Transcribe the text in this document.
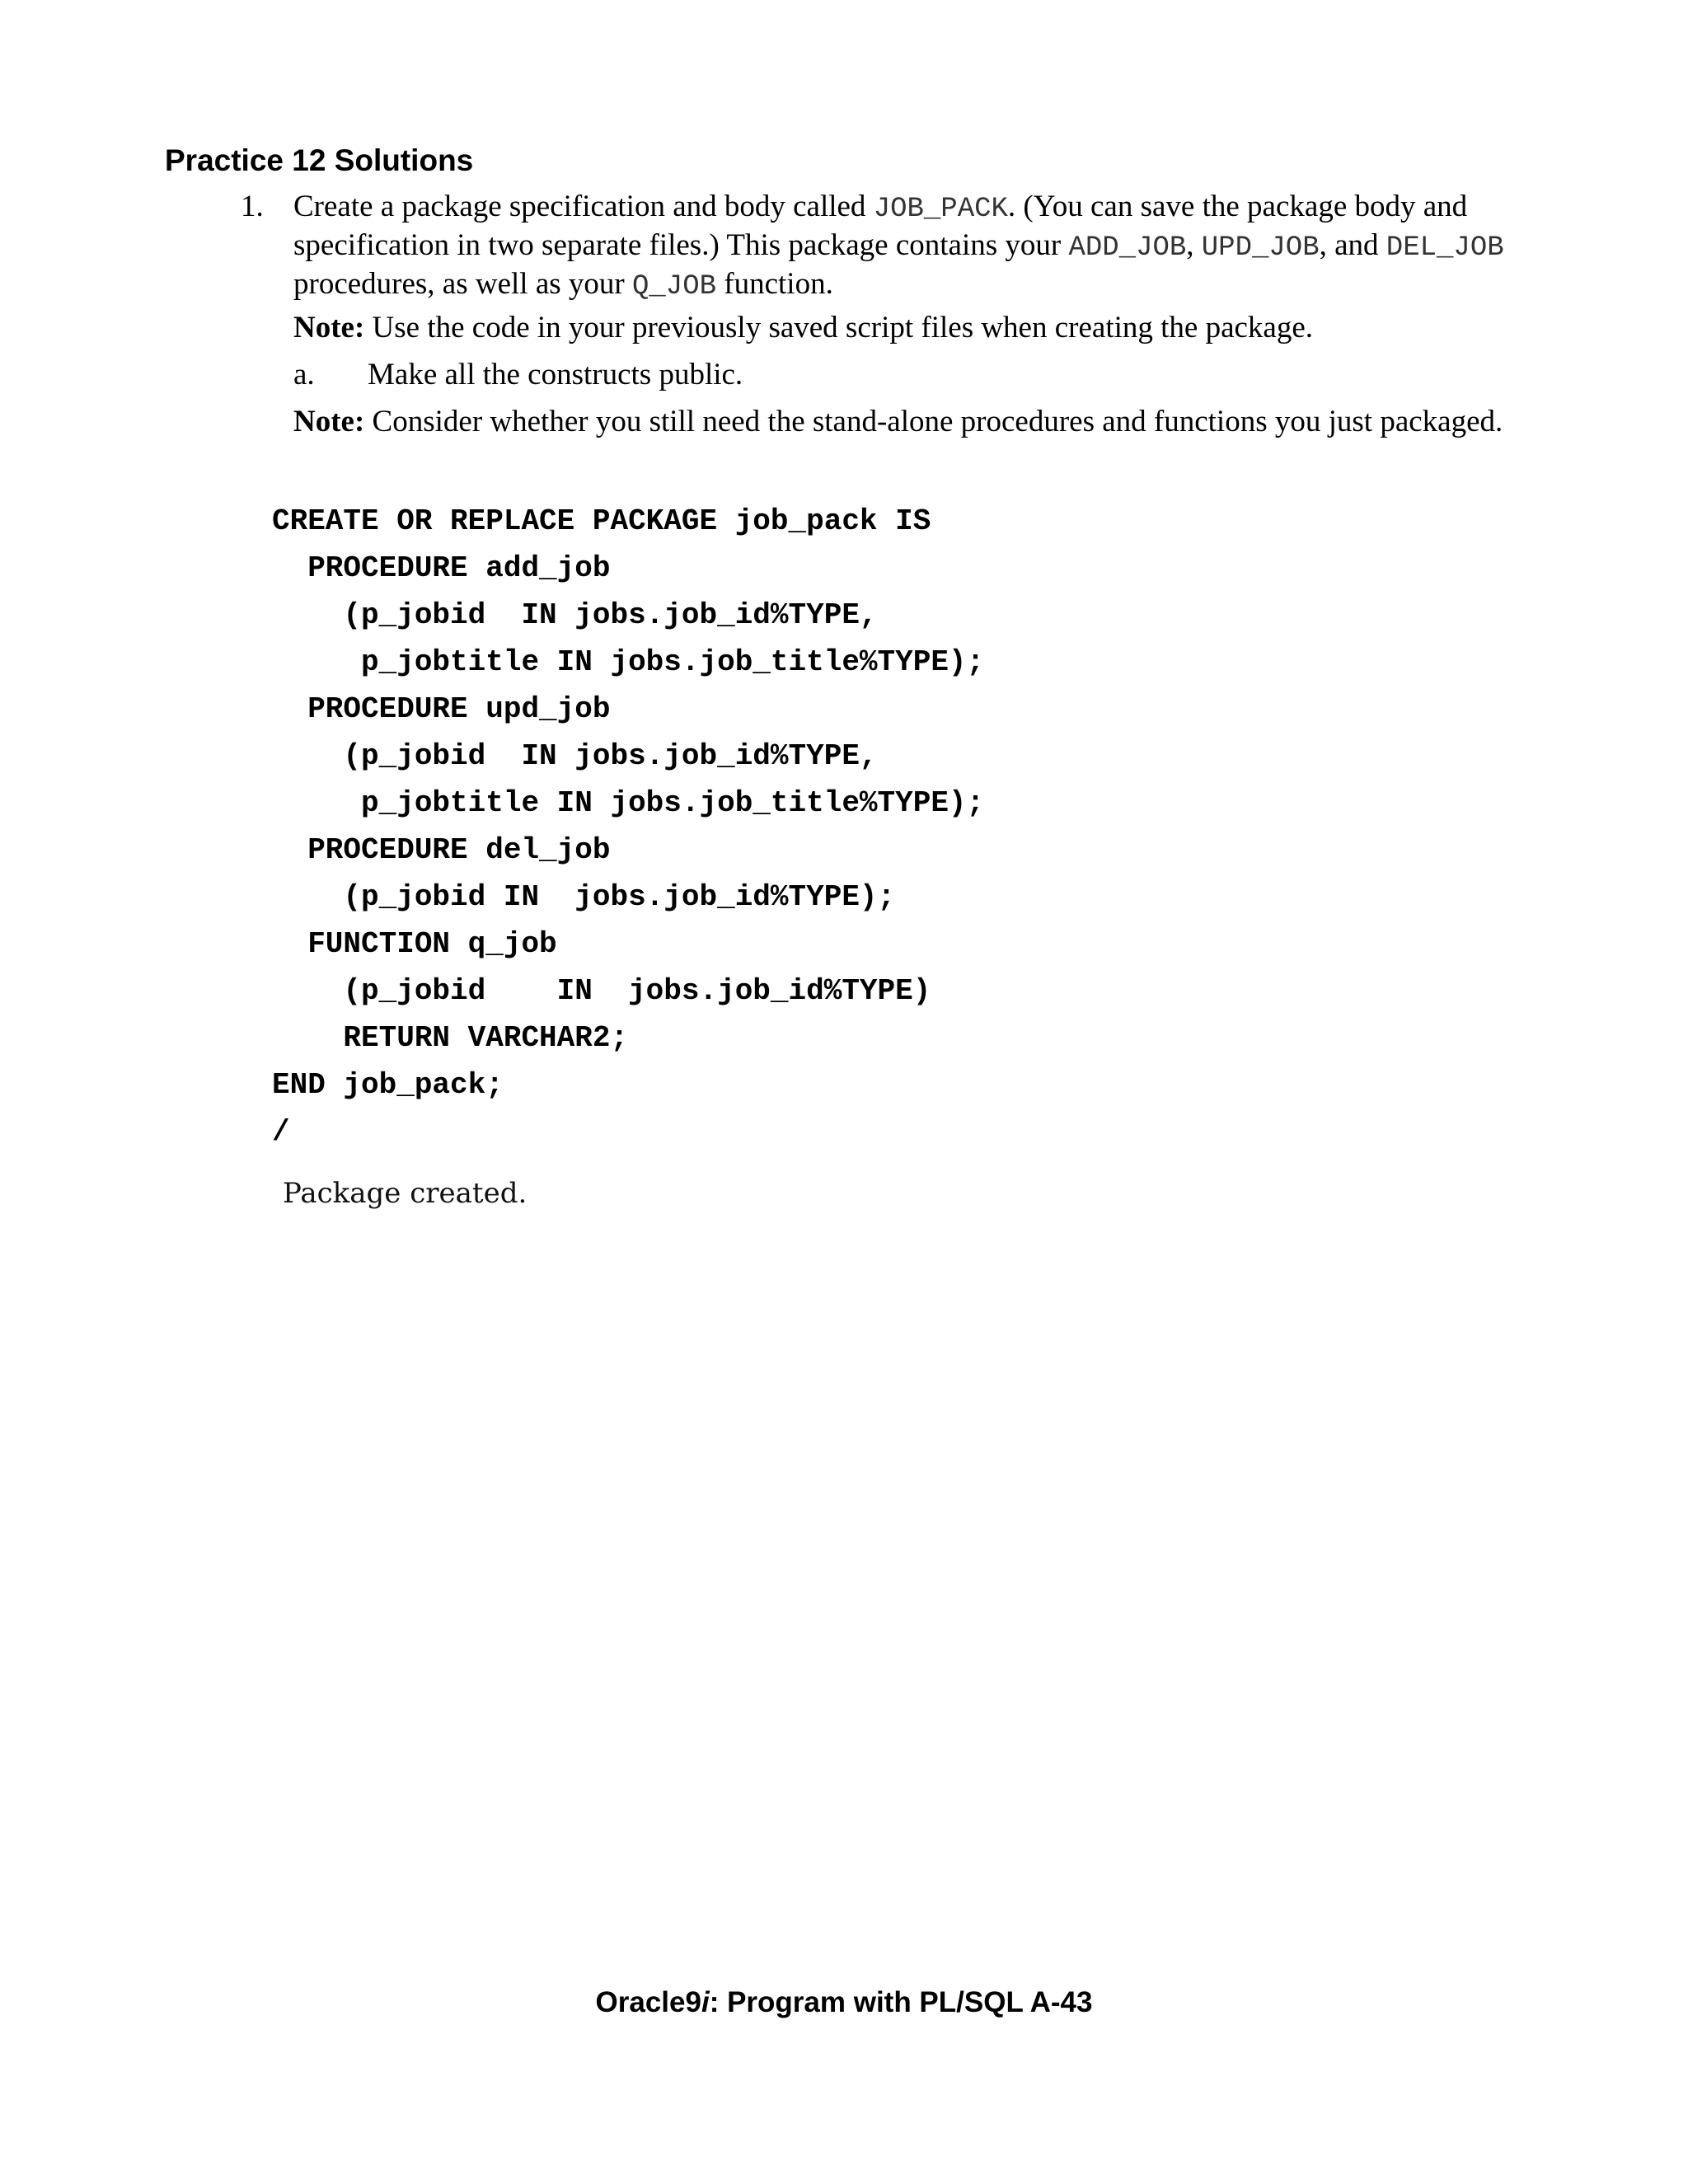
Practice 12 Solutions
1. Create a package specification and body called JOB_PACK. (You can save the package body and specification in two separate files.) This package contains your ADD_JOB, UPD_JOB, and DEL_JOB procedures, as well as your Q_JOB function.

Note: Use the code in your previously saved script files when creating the package.

a. Make all the constructs public.

Note: Consider whether you still need the stand-alone procedures and functions you just packaged.

CREATE OR REPLACE PACKAGE job_pack IS
PROCEDURE add_job
(p_jobid  IN jobs.job_id%TYPE,
p_jobtitle IN jobs.job_title%TYPE);
PROCEDURE upd_job
(p_jobid  IN jobs.job_id%TYPE,
p_jobtitle IN jobs.job_title%TYPE);
PROCEDURE del_job
(p_jobid IN  jobs.job_id%TYPE);
FUNCTION q_job
(p_jobid    IN  jobs.job_id%TYPE)
RETURN VARCHAR2;
END job_pack;
/
Package created.
Oracle9i: Program with PL/SQL A-43
